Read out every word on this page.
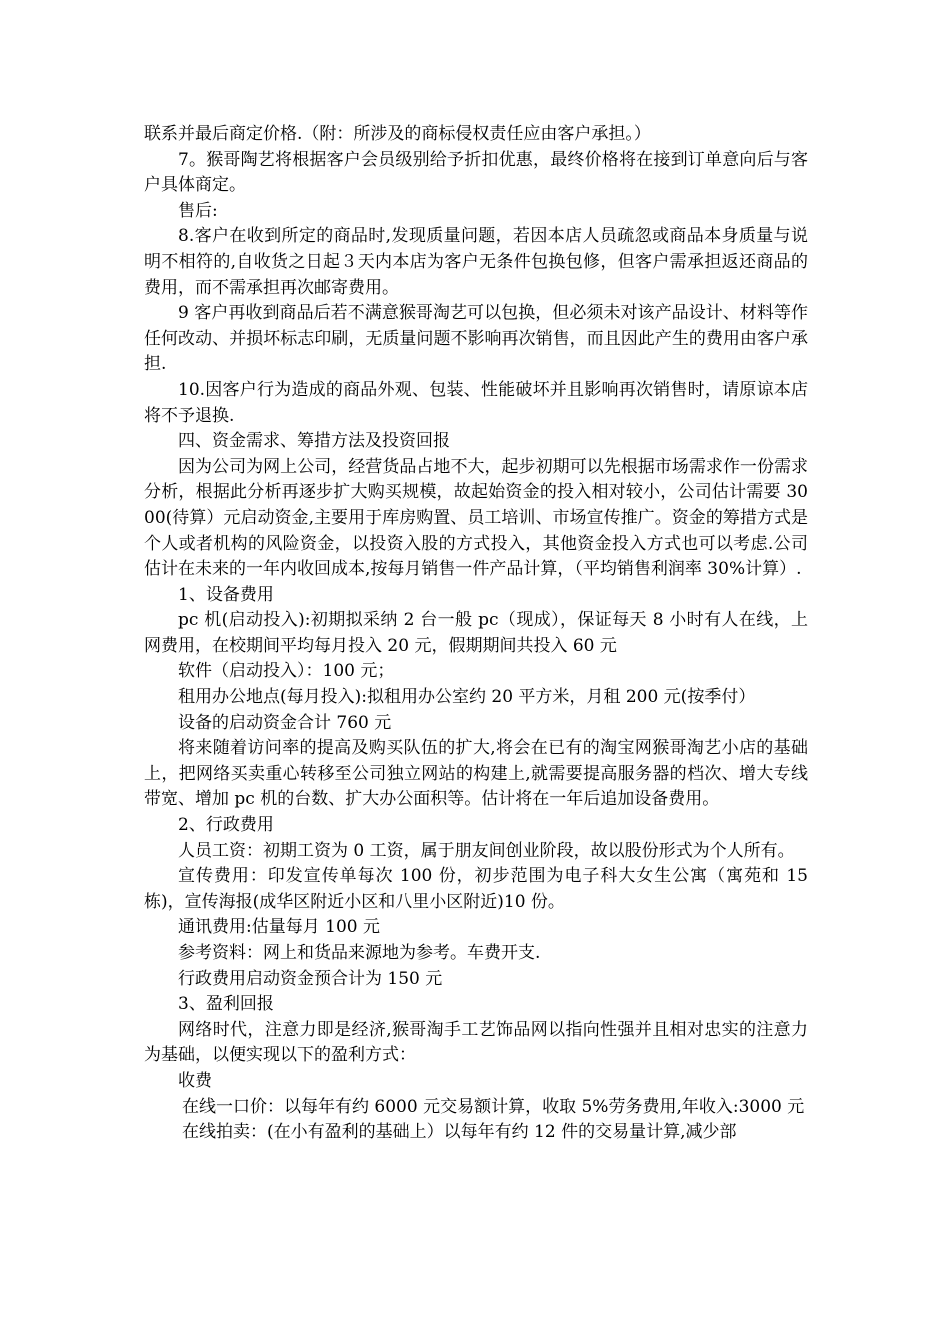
联系并最后商定价格.（附：所涉及的商标侵权责任应由客户承担。）

7。猴哥陶艺将根据客户会员级别给予折扣优惠，最终价格将在接到订单意向后与客户具体商定。

售后:

8.客户在收到所定的商品时,发现质量问题，若因本店人员疏忽或商品本身质量与说明不相符的,自收货之日起３天内本店为客户无条件包换包修，但客户需承担返还商品的费用，而不需承担再次邮寄费用。

9 客户再收到商品后若不满意猴哥淘艺可以包换，但必须未对该产品设计、材料等作任何改动、并损坏标志印刷，无质量问题不影响再次销售，而且因此产生的费用由客户承担.

10.因客户行为造成的商品外观、包装、性能破坏并且影响再次销售时，请原谅本店将不予退换.

四、资金需求、筹措方法及投资回报

因为公司为网上公司，经营货品占地不大，起步初期可以先根据市场需求作一份需求分析，根据此分析再逐步扩大购买规模，故起始资金的投入相对较小，公司估计需要 3000(待算）元启动资金,主要用于库房购置、员工培训、市场宣传推广。资金的筹措方式是个人或者机构的风险资金，以投资入股的方式投入，其他资金投入方式也可以考虑.公司估计在未来的一年内收回成本,按每月销售一件产品计算，（平均销售利润率 30%计算）.

1、设备费用

pc 机(启动投入):初期拟采纳 2 台一般 pc（现成），保证每天 8 小时有人在线，上网费用，在校期间平均每月投入 20 元，假期期间共投入 60 元

软件（启动投入）：100 元；

租用办公地点(每月投入):拟租用办公室约 20 平方米，月租 200 元(按季付）

设备的启动资金合计 760 元

将来随着访问率的提高及购买队伍的扩大,将会在已有的淘宝网猴哥淘艺小店的基础上，把网络买卖重心转移至公司独立网站的构建上,就需要提高服务器的档次、增大专线带宽、增加 pc 机的台数、扩大办公面积等。估计将在一年后追加设备费用。

2、行政费用

人员工资：初期工资为 0 工资，属于朋友间创业阶段，故以股份形式为个人所有。

宣传费用：印发宣传单每次 100 份，初步范围为电子科大女生公寓（寓苑和 15 栋)，宣传海报(成华区附近小区和八里小区附近)10 份。

通讯费用:估量每月 100 元

参考资料：网上和货品来源地为参考。车费开支.

行政费用启动资金预合计为 150 元

3、盈利回报

网络时代，注意力即是经济,猴哥淘手工艺饰品网以指向性强并且相对忠实的注意力为基础，以便实现以下的盈利方式：

收费

在线一口价：以每年有约 6000 元交易额计算，收取 5%劳务费用,年收入:3000 元

在线拍卖：(在小有盈利的基础上）以每年有约 12 件的交易量计算,减少部
